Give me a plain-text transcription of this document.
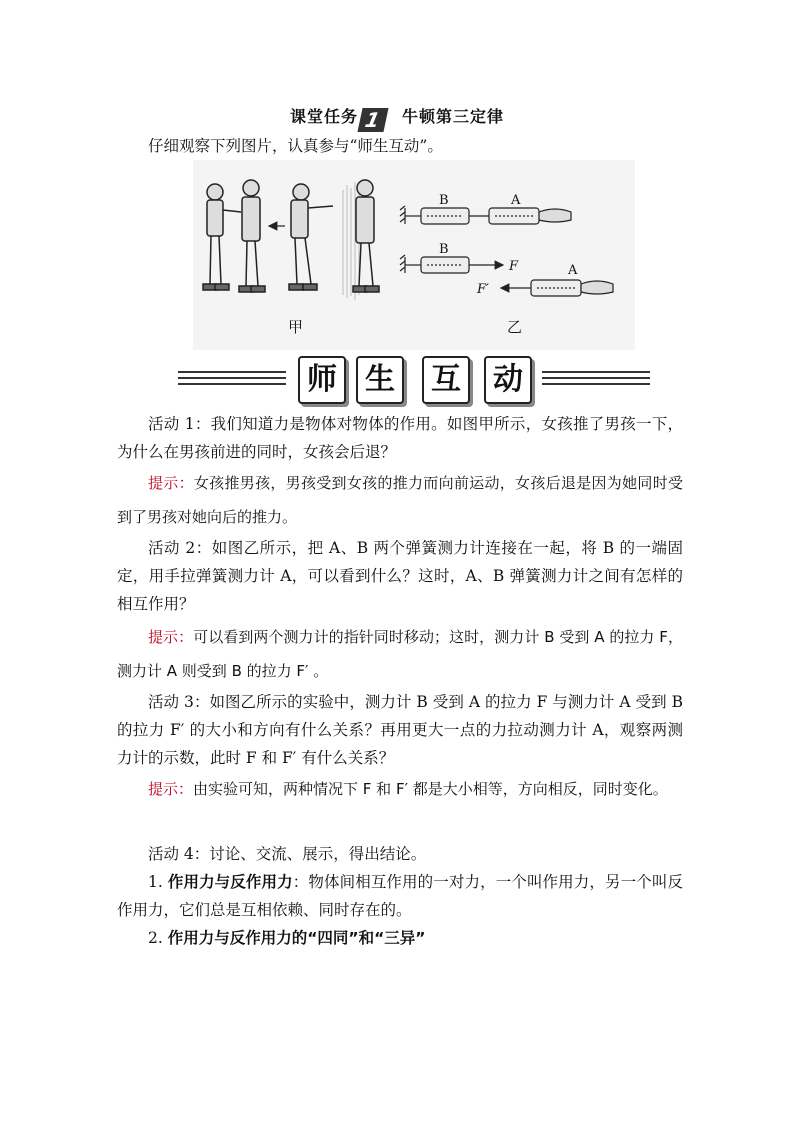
课堂任务 1 牛顿第三定律
仔细观察下列图片，认真参与“师生互动”。
甲
B	A
B
F	A
F′
乙
师 生	互	动
活动 1：我们知道力是物体对物体的作用。如图甲所示，女孩推了男孩一下，为什么在男孩前进的同时，女孩会后退？
提示：女孩推男孩，男孩受到女孩的推力而向前运动，女孩后退是因为她同时受到了男孩对她向后的推力。
活动 2：如图乙所示，把 A、B 两个弹簧测力计连接在一起，将 B 的一端固定，用手拉弹簧测力计 A，可以看到什么？这时，A、B 弹簧测力计之间有怎样的相互作用？
提示：可以看到两个测力计的指针同时移动；这时，测力计 B 受到 A 的拉力 F，测力计 A 则受到 B 的拉力 F′ 。
活动 3：如图乙所示的实验中，测力计 B 受到 A 的拉力 F 与测力计 A 受到 B 的拉力 F′ 的大小和方向有什么关系？再用更大一点的力拉动测力计 A，观察两测力计的示数，此时 F 和 F′ 有什么关系？
提示：由实验可知，两种情况下 F 和 F′ 都是大小相等，方向相反，同时变化。
活动 4：讨论、交流、展示，得出结论。
1. 作用力与反作用力：物体间相互作用的一对力，一个叫作用力，另一个叫反作用力，它们总是互相依赖、同时存在的。
2. 作用力与反作用力的“四同”和“三异”
